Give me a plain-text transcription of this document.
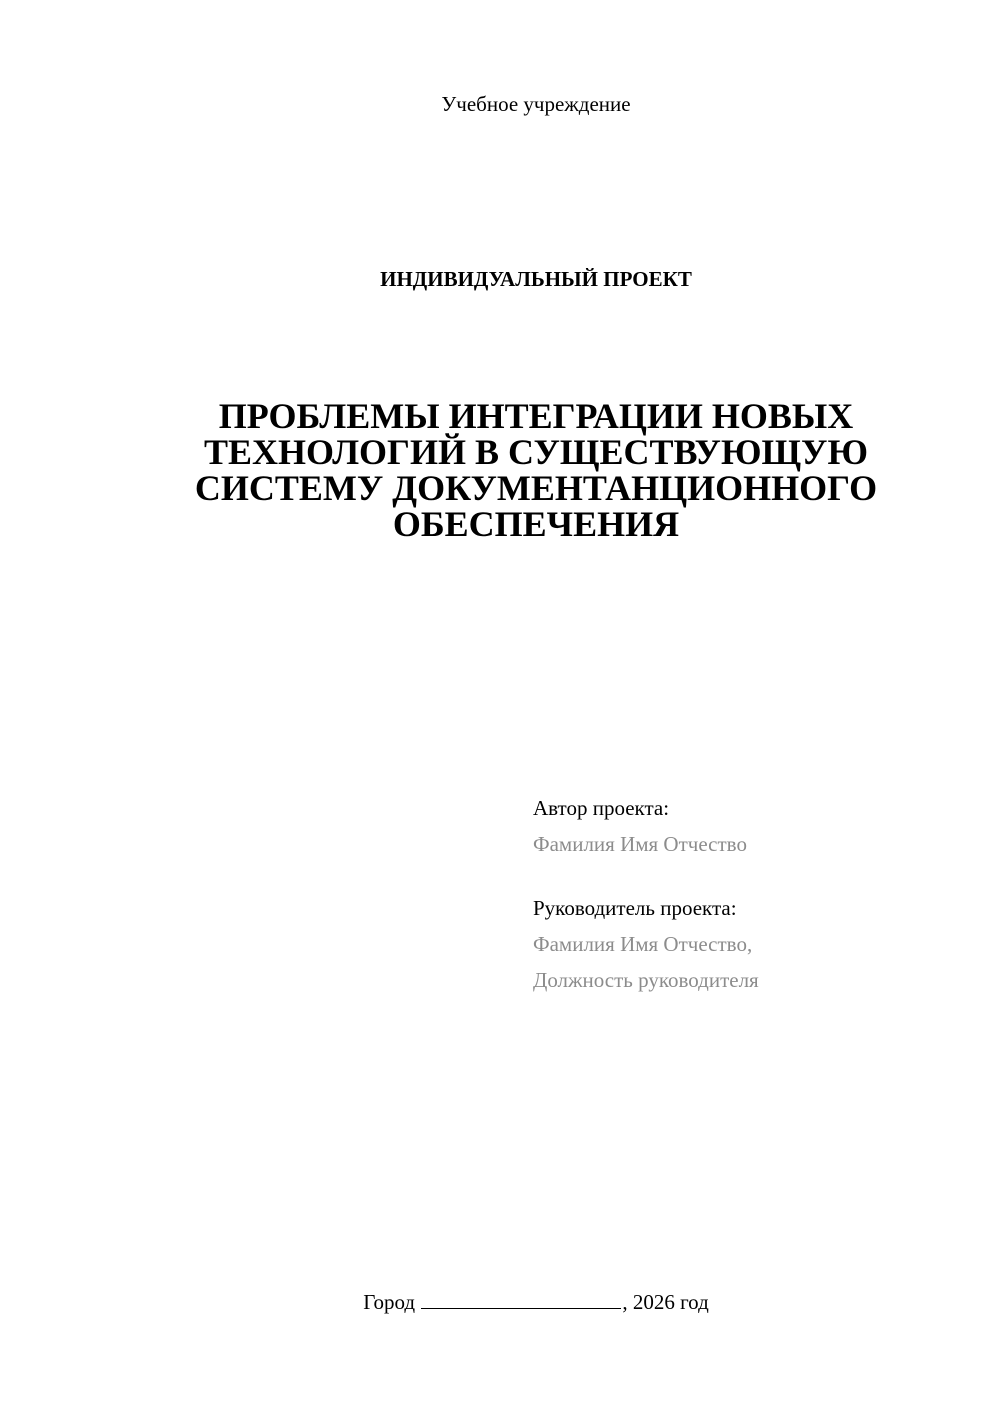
Учебное учреждение
ИНДИВИДУАЛЬНЫЙ ПРОЕКТ
ПРОБЛЕМЫ ИНТЕГРАЦИИ НОВЫХ
ТЕХНОЛОГИЙ В СУЩЕСТВУЮЩУЮ
СИСТЕМУ ДОКУМЕНТАНЦИОННОГО
ОБЕСПЕЧЕНИЯ
Автор проекта:
Фамилия Имя Отчество
Руководитель проекта:
Фамилия Имя Отчество,
Должность руководителя
Город	, 2026 год
